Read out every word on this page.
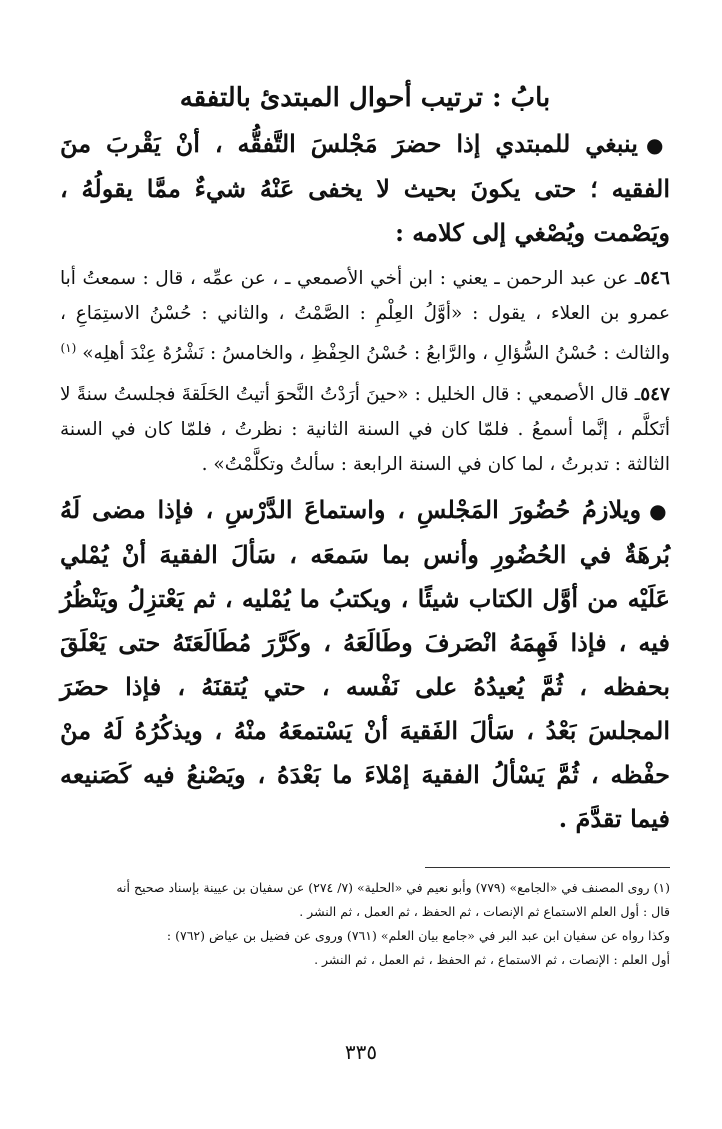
بابُ : ترتيب أحوال المبتدئ بالتفقه

●ينبغي للمبتدي إذا حضرَ مَجْلسَ التَّفقُّه ، أنْ يَقْربَ منَ الفقيه ؛ حتى يكونَ بحيث لا يخفى عَنْهُ شيءٌ ممَّا يقولُهُ ، ويَصْمت ويُصْغي إلى كلامه :

٥٤٦ـ عن عبد الرحمن ـ يعني : ابن أخي الأصمعي ـ ، عن عمِّه ، قال : سمعتُ أبا عمرو بن العلاء ، يقول : «أوَّلُ العِلْمِ : الصَّمْتُ ، والثاني : حُسْنُ الاستِمَاعِ ، والثالث : حُسْنُ السُّؤالِ ، والرَّابعُ : حُسْنُ الحِفْظِ ، والخامسُ : نَشْرُهُ عِنْدَ أهلِه» $^{(١)}$

٥٤٧ـ قال الأصمعي : قال الخليل : «حينَ أرَدْتُ النَّحوَ أتيتُ الحَلَقةَ فجلستُ سنةً لا أتَكلَّم ، إنَّما أسمعُ . فلمّا كان في السنة الثانية : نظرتُ ، فلمّا كان في السنة الثالثة : تدبرتُ ، لما كان في السنة الرابعة : سألتُ وتكلَّمْتُ» .

●ويلازمُ حُضُورَ المَجْلسِ ، واستماعَ الدَّرْسِ ، فإذا مضى لَهُ بُرهَةٌ في الحُضُورِ وأنس بما سَمعَه ، سَألَ الفقيهَ أنْ يُمْلي عَلَيْه من أوَّل الكتاب شيئًا ، ويكتبُ ما يُمْليه ، ثم يَعْتزِلُ ويَنْظُرُ فيه ، فإذا فَهِمَهُ انْصَرفَ وطَالَعَهُ ، وكَرَّرَ مُطَالَعَتَهُ حتى يَعْلَقَ بحفظه ، ثُمَّ يُعيدُهُ على نَفْسه ، حتي يُتقنَهُ ، فإذا حضَرَ المجلسَ بَعْدُ ، سَألَ الفَقيهَ أنْ يَسْتمعَهُ منْهُ ، ويذكُرُهُ لَهُ منْ حفْظه ، ثُمَّ يَسْألُ الفقيهَ إمْلاءَ ما بَعْدَهُ ، ويَصْنعُ فيه كَصَنيعه فيما تقدَّمَ .

(١) روى المصنف في «الجامع» (٧٧٩) وأبو نعيم في «الحلية» (٧/ ٢٧٤) عن سفيان بن عيينة بإسناد صحيح أنه

قال : أول العلم الاستماع ثم الإنصات ، ثم الحفظ ، ثم العمل ، ثم النشر .

وكذا رواه عن سفيان ابن عبد البر في «جامع بيان العلم» (٧٦١) وروى عن فضيل بن عياض (٧٦٢) :

أول العلم : الإنصات ، ثم الاستماع ، ثم الحفظ ، ثم العمل ، ثم النشر .

٣٣٥
